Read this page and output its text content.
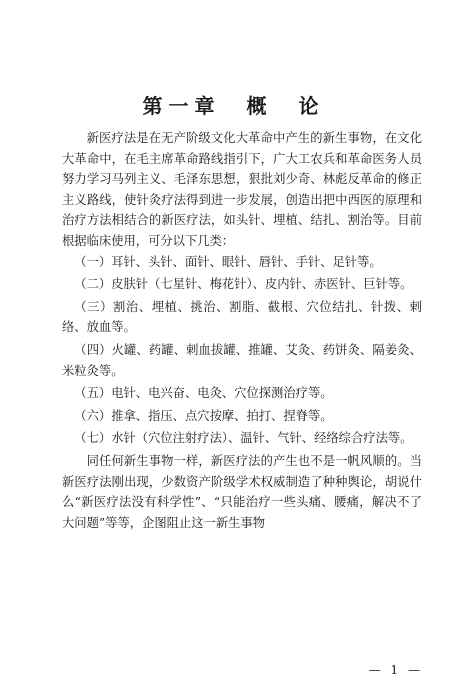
第一章 概　论

新医疗法是在无产阶级文化大革命中产生的新生事物，在文化大革命中，在毛主席革命路线指引下，广大工农兵和革命医务人员努力学习马列主义、毛泽东思想，狠批刘少奇、林彪反革命的修正主义路线，使针灸疗法得到进一步发展，创造出把中西医的原理和治疗方法相结合的新医疗法，如头针、埋植、结扎、割治等。目前根据临床使用，可分以下几类：

（一）耳针、头针、面针、眼针、唇针、手针、足针等。

（二）皮肤针（七星针、梅花针）、皮内针、赤医针、巨针等。

（三）割治、埋植、挑治、割脂、截根、穴位结扎、针拨、剌络、放血等。

（四）火罐、药罐、剌血拔罐、推罐、艾灸、药饼灸、隔姜灸、米粒灸等。

（五）电针、电兴奋、电灸、穴位探测治疗等。

（六）推拿、指压、点穴按摩、拍打、捏脊等。

（七）水针（穴位注射疗法）、温针、气针、经络综合疗法等。

同任何新生事物一样，新医疗法的产生也不是一帆风顺的。当新医疗法刚出现，少数资产阶级学术权威制造了种种舆论，胡说什么“新医疗法没有科学性”、“只能治疗一些头痛、腰痛，解决不了大问题”等等，企图阻止这一新生事物

— 1 —
